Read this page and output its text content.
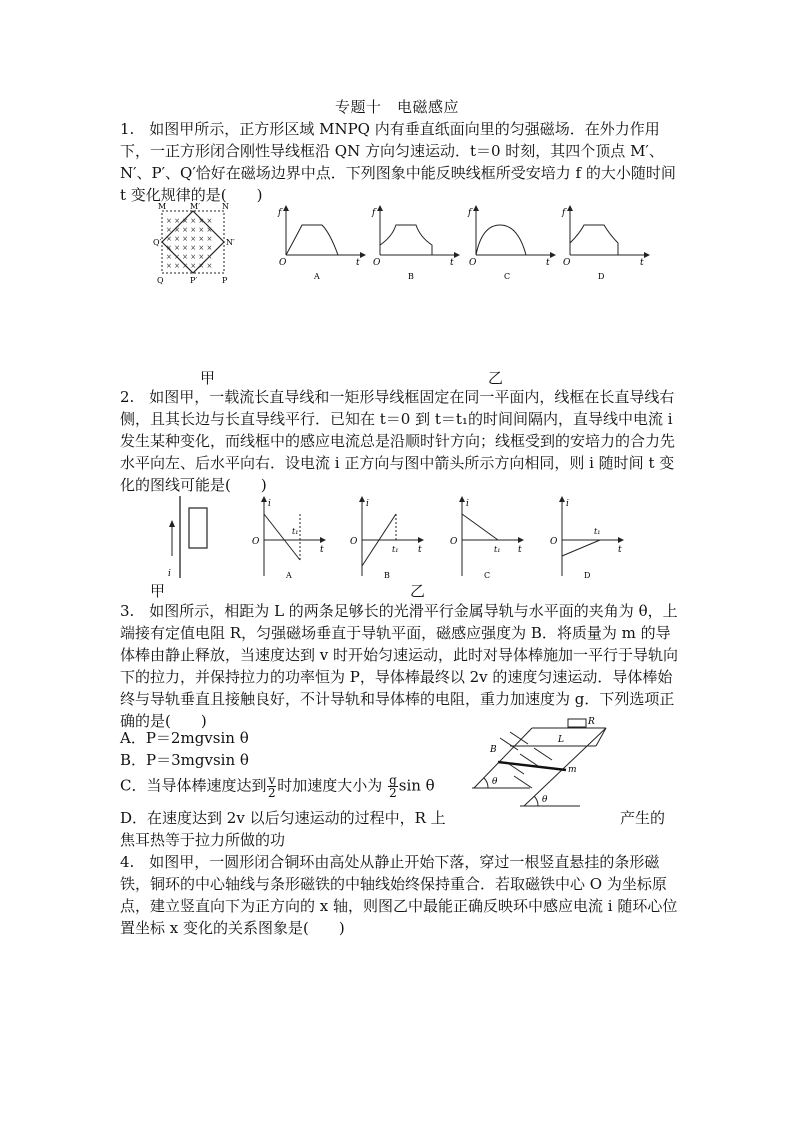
专题十　电磁感应
1.　如图甲所示，正方形区域 MNPQ 内有垂直纸面向里的匀强磁场．在外力作用下，一正方形闭合刚性导线框沿 QN 方向匀速运动．t＝0 时刻，其四个顶点 M′、N′、P′、Q′恰好在磁场边界中点．下列图象中能反映线框所受安培力 f 的大小随时间 t 变化规律的是(　　)
× × × × × ×
× × × × × ×
× × × × × ×
× × × × × ×
× × × × × ×
× × × × × ×
M	M′	N
Q′	N′
Q	P′	P
f
t
O
A
f
t
O
B
f
t
O
C
f
t
O
D
甲	乙
2.　如图甲，一载流长直导线和一矩形导线框固定在同一平面内，线框在长直导线右侧，且其长边与长直导线平行．已知在 t＝0 到 t＝t₁的时间间隔内，直导线中电流 i 发生某种变化，而线框中的感应电流总是沿顺时针方向；线框受到的安培力的合力先水平向左、后水平向右．设电流 i 正方向与图中箭头所示方向相同，则 i 随时间 t 变化的图线可能是(　　)
i
i
t
O
t₁
A
i
t
O
t₁
B
i
t
O
t₁
C
i
t
O
t₁
D
甲	乙
3.　如图所示，相距为 L 的两条足够长的光滑平行金属导轨与水平面的夹角为 θ，上端接有定值电阻 R，匀强磁场垂直于导轨平面，磁感应强度为 B．将质量为 m 的导体棒由静止释放，当速度达到 v 时开始匀速运动，此时对导体棒施加一平行于导轨向下的拉力，并保持拉力的功率恒为 P，导体棒最终以 2v 的速度匀速运动．导体棒始终与导轨垂直且接触良好，不计导轨和导体棒的电阻，重力加速度为 g．下列选项正确的是(　　)
A．P＝2mgvsin θ
B．P＝3mgvsin θ
C．当导体棒速度达到 $\frac{v}{2}$ 时加速度大小为 $\frac{g}{2}$ sin θ
D．在速度达到 2v 以后匀速运动的过程中，R 上	产生的
焦耳热等于拉力所做的功
R
L
θ
θ
B
m
4.　如图甲，一圆形闭合铜环由高处从静止开始下落，穿过一根竖直悬挂的条形磁铁，铜环的中心轴线与条形磁铁的中轴线始终保持重合．若取磁铁中心 O 为坐标原点，建立竖直向下为正方向的 x 轴，则图乙中最能正确反映环中感应电流 i 随环心位置坐标 x 变化的关系图象是(　　)
